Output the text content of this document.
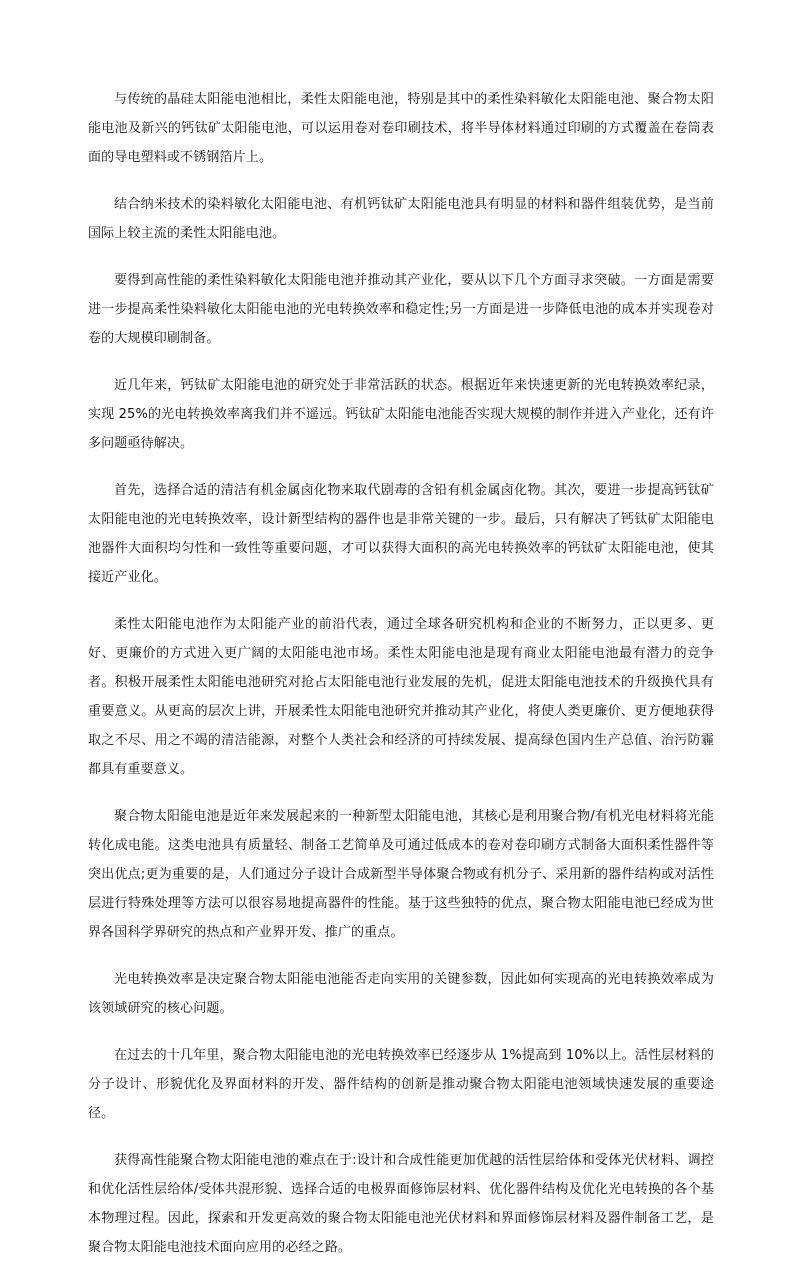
与传统的晶硅太阳能电池相比，柔性太阳能电池，特别是其中的柔性染料敏化太阳能电池、聚合物太阳能电池及新兴的钙钛矿太阳能电池，可以运用卷对卷印刷技术，将半导体材料通过印刷的方式覆盖在卷筒表面的导电塑料或不锈钢箔片上。

结合纳米技术的染料敏化太阳能电池、有机钙钛矿太阳能电池具有明显的材料和器件组装优势，是当前国际上较主流的柔性太阳能电池。

要得到高性能的柔性染料敏化太阳能电池并推动其产业化，要从以下几个方面寻求突破。一方面是需要进一步提高柔性染料敏化太阳能电池的光电转换效率和稳定性;另一方面是进一步降低电池的成本并实现卷对卷的大规模印刷制备。

近几年来，钙钛矿太阳能电池的研究处于非常活跃的状态。根据近年来快速更新的光电转换效率纪录，实现 25%的光电转换效率离我们并不遥远。钙钛矿太阳能电池能否实现大规模的制作并进入产业化，还有许多问题亟待解决。

首先，选择合适的清洁有机金属卤化物来取代剧毒的含铅有机金属卤化物。其次，要进一步提高钙钛矿太阳能电池的光电转换效率，设计新型结构的器件也是非常关键的一步。最后，只有解决了钙钛矿太阳能电池器件大面积均匀性和一致性等重要问题，才可以获得大面积的高光电转换效率的钙钛矿太阳能电池，使其接近产业化。

柔性太阳能电池作为太阳能产业的前沿代表，通过全球各研究机构和企业的不断努力，正以更多、更好、更廉价的方式进入更广阔的太阳能电池市场。柔性太阳能电池是现有商业太阳能电池最有潜力的竞争者。积极开展柔性太阳能电池研究对抢占太阳能电池行业发展的先机，促进太阳能电池技术的升级换代具有重要意义。从更高的层次上讲，开展柔性太阳能电池研究并推动其产业化，将使人类更廉价、更方便地获得取之不尽、用之不竭的清洁能源，对整个人类社会和经济的可持续发展、提高绿色国内生产总值、治污防霾都具有重要意义。

聚合物太阳能电池是近年来发展起来的一种新型太阳能电池，其核心是利用聚合物/有机光电材料将光能转化成电能。这类电池具有质量轻、制备工艺简单及可通过低成本的卷对卷印刷方式制备大面积柔性器件等突出优点;更为重要的是，人们通过分子设计合成新型半导体聚合物或有机分子、采用新的器件结构或对活性层进行特殊处理等方法可以很容易地提高器件的性能。基于这些独特的优点，聚合物太阳能电池已经成为世界各国科学界研究的热点和产业界开发、推广的重点。

光电转换效率是决定聚合物太阳能电池能否走向实用的关键参数，因此如何实现高的光电转换效率成为该领域研究的核心问题。

在过去的十几年里，聚合物太阳能电池的光电转换效率已经逐步从 1%提高到 10%以上。活性层材料的分子设计、形貌优化及界面材料的开发、器件结构的创新是推动聚合物太阳能电池领域快速发展的重要途径。

获得高性能聚合物太阳能电池的难点在于:设计和合成性能更加优越的活性层给体和受体光伏材料、调控和优化活性层给体/受体共混形貌、选择合适的电极界面修饰层材料、优化器件结构及优化光电转换的各个基本物理过程。因此，探索和开发更高效的聚合物太阳能电池光伏材料和界面修饰层材料及器件制备工艺，是聚合物太阳能电池技术面向应用的必经之路。
